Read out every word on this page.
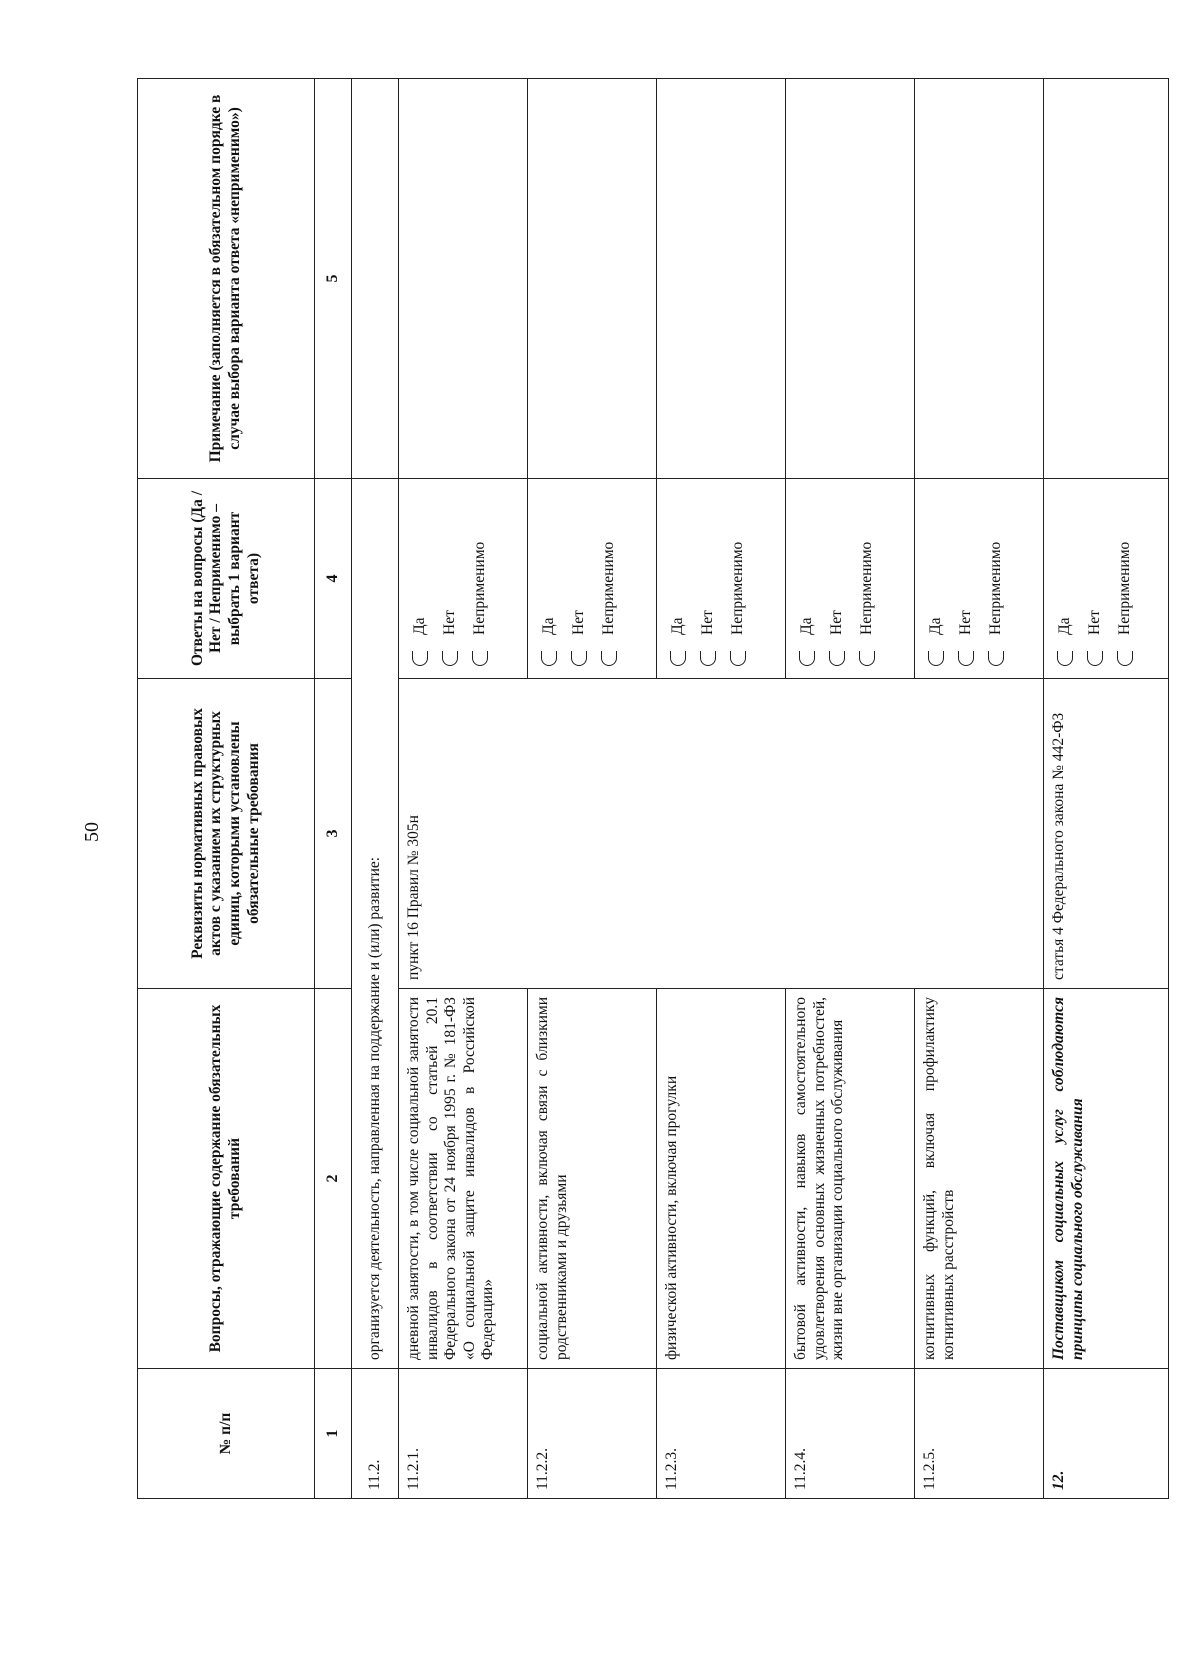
50
№ п/п	Вопросы, отражающие содержание обязательных требований	Реквизиты нормативных правовых актов с указанием их структурных единиц, которыми установлены обязательные требования	Ответы на вопросы (Да / Нет / Неприменимо – выбрать 1 вариант ответа)	Примечание (заполняется в обязательном порядке в случае выбора варианта ответа «неприменимо»)
1	2	3	4	5
11.2.	организуется деятельность, направленная на поддержание и (или) развитие:			
11.2.1.	дневной занятости, в том числе социальной занятости инвалидов в соответствии со статьей 20.1 Федерального закона от 24 ноября 1995 г. № 181-ФЗ «О социальной защите инвалидов в Российской Федерации»	пункт 16 Правил № 305н	Да Нет Неприменимо	

11.2.2.	социальной активности, включая связи с близкими родственниками и друзьями		Да Нет Неприменимо	

11.2.3.	физической активности, включая прогулки		Да Нет Неприменимо	

11.2.4.	бытовой активности, навыков самостоятельного удовлетворения основных жизненных потребностей, жизни вне организации социального обслуживания		Да Нет Неприменимо	

11.2.5.	когнитивных функций, включая профилактику когнитивных расстройств		Да Нет Неприменимо	

12.	Поставщиком социальных услуг соблюдаются принципы социального обслуживания	статья 4 Федерального закона № 442-ФЗ	Да Нет Неприменимо	
